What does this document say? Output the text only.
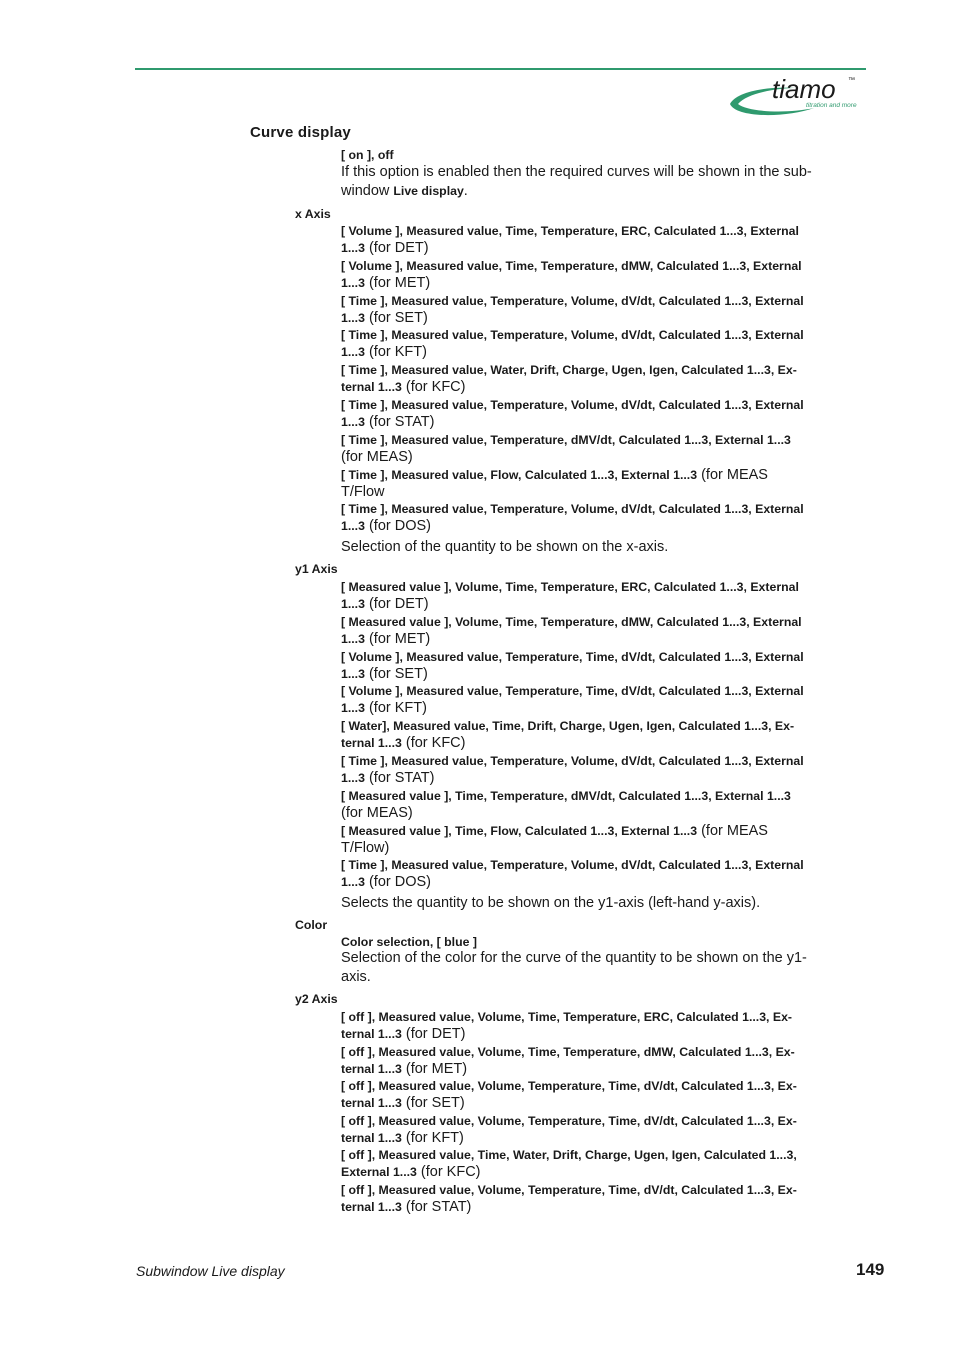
tiamo ™
titration and more
Curve display
[ on ], off
If this option is enabled then the required curves will be shown in the sub-
window Live display.
x Axis
[ Volume ], Measured value, Time, Temperature, ERC, Calculated 1...3, External
1...3 (for DET)
[ Volume ], Measured value, Time, Temperature, dMW, Calculated 1...3, External
1...3 (for MET)
[ Time ], Measured value, Temperature, Volume, dV/dt, Calculated 1...3, External
1...3 (for SET)
[ Time ], Measured value, Temperature, Volume, dV/dt, Calculated 1...3, External
1...3 (for KFT)
[ Time ], Measured value, Water, Drift, Charge, Ugen, Igen, Calculated 1...3, Ex-
ternal 1...3 (for KFC)
[ Time ], Measured value, Temperature, Volume, dV/dt, Calculated 1...3, External
1...3 (for STAT)
[ Time ], Measured value, Temperature, dMV/dt, Calculated 1...3, External 1...3
(for MEAS)
[ Time ], Measured value, Flow, Calculated 1...3, External 1...3 (for MEAS
T/Flow
[ Time ], Measured value, Temperature, Volume, dV/dt, Calculated 1...3, External
1...3 (for DOS)
Selection of the quantity to be shown on the x-axis.
y1 Axis
[ Measured value ], Volume, Time, Temperature, ERC, Calculated 1...3, External
1...3 (for DET)
[ Measured value ], Volume, Time, Temperature, dMW, Calculated 1...3, External
1...3 (for MET)
[ Volume ], Measured value, Temperature, Time, dV/dt, Calculated 1...3, External
1...3 (for SET)
[ Volume ], Measured value, Temperature, Time, dV/dt, Calculated 1...3, External
1...3 (for KFT)
[ Water], Measured value, Time, Drift, Charge, Ugen, Igen, Calculated 1...3, Ex-
ternal 1...3 (for KFC)
[ Time ], Measured value, Temperature, Volume, dV/dt, Calculated 1...3, External
1...3 (for STAT)
[ Measured value ], Time, Temperature, dMV/dt, Calculated 1...3, External 1...3
(for MEAS)
[ Measured value ], Time, Flow, Calculated 1...3, External 1...3 (for MEAS
T/Flow)
[ Time ], Measured value, Temperature, Volume, dV/dt, Calculated 1...3, External
1...3 (for DOS)
Selects the quantity to be shown on the y1-axis (left-hand y-axis).
Color
Color selection, [ blue ]
Selection of the color for the curve of the quantity to be shown on the y1-
axis.
y2 Axis
[ off ], Measured value, Volume, Time, Temperature, ERC, Calculated 1...3, Ex-
ternal 1...3 (for DET)
[ off ], Measured value, Volume, Time, Temperature, dMW, Calculated 1...3, Ex-
ternal 1...3 (for MET)
[ off ], Measured value, Volume, Temperature, Time, dV/dt, Calculated 1...3, Ex-
ternal 1...3 (for SET)
[ off ], Measured value, Volume, Temperature, Time, dV/dt, Calculated 1...3, Ex-
ternal 1...3 (for KFT)
[ off ], Measured value, Time, Water, Drift, Charge, Ugen, Igen, Calculated 1...3,
External 1...3 (for KFC)
[ off ], Measured value, Volume, Temperature, Time, dV/dt, Calculated 1...3, Ex-
ternal 1...3 (for STAT)
Subwindow Live display	149
